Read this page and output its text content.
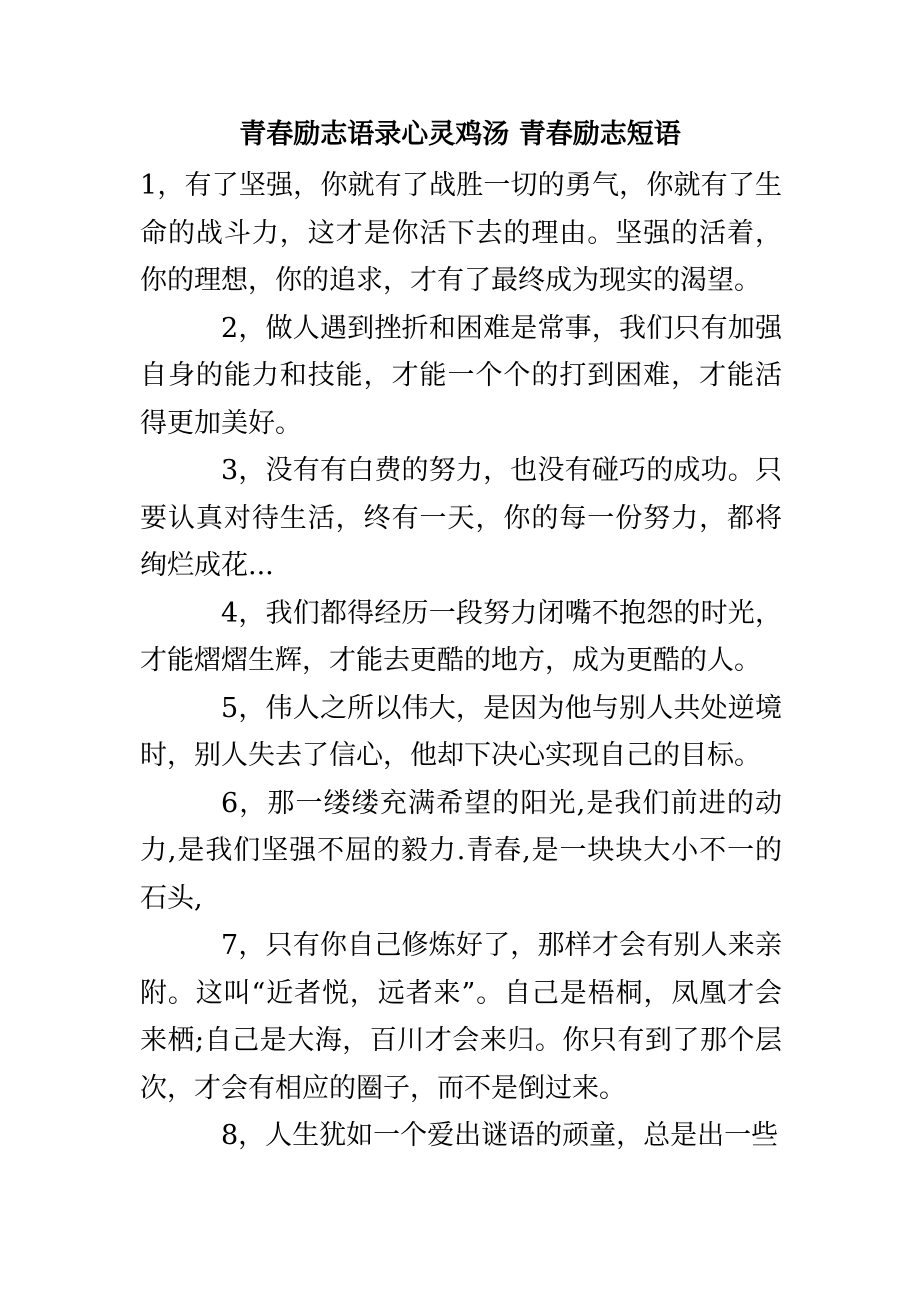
青春励志语录心灵鸡汤 青春励志短语

1，有了坚强，你就有了战胜一切的勇气，你就有了生命的战斗力，这才是你活下去的理由。坚强的活着，你的理想，你的追求，才有了最终成为现实的渴望。

2，做人遇到挫折和困难是常事，我们只有加强自身的能力和技能，才能一个个的打到困难，才能活得更加美好。

3，没有有白费的努力，也没有碰巧的成功。只要认真对待生活，终有一天，你的每一份努力，都将绚烂成花...

4，我们都得经历一段努力闭嘴不抱怨的时光，才能熠熠生辉，才能去更酷的地方，成为更酷的人。

5，伟人之所以伟大，是因为他与别人共处逆境时，别人失去了信心，他却下决心实现自己的目标。

6，那一缕缕充满希望的阳光,是我们前进的动力,是我们坚强不屈的毅力.青春,是一块块大小不一的石头,

7，只有你自己修炼好了，那样才会有别人来亲附。这叫“近者悦，远者来”。自己是梧桐，凤凰才会来栖;自己是大海，百川才会来归。你只有到了那个层次，才会有相应的圈子，而不是倒过来。

8，人生犹如一个爱出谜语的顽童，总是出一些
